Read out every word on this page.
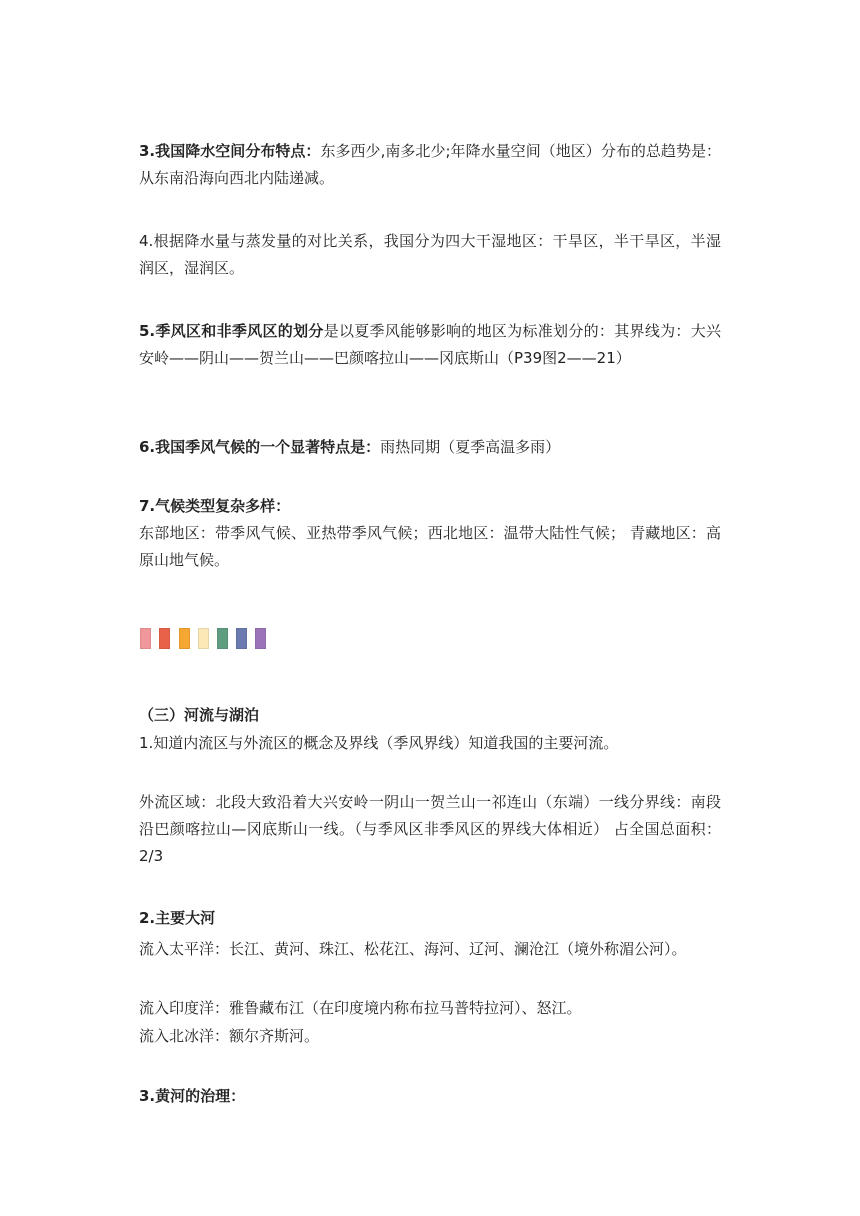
3.我国降水空间分布特点：东多西少,南多北少;年降水量空间（地区）分布的总趋势是：从东南沿海向西北内陆递减。
4.根据降水量与蒸发量的对比关系，我国分为四大干湿地区：干旱区，半干旱区，半湿润区，湿润区。
5.季风区和非季风区的划分是以夏季风能够影响的地区为标准划分的：其界线为：大兴安岭——阴山——贺兰山——巴颜喀拉山——冈底斯山（P39图2——21）
6.我国季风气候的一个显著特点是：雨热同期（夏季高温多雨）
7.气候类型复杂多样：
东部地区：带季风气候、亚热带季风气候；西北地区：温带大陆性气候； 青藏地区：高原山地气候。
（三）河流与湖泊
1.知道内流区与外流区的概念及界线（季风界线）知道我国的主要河流。
外流区域：北段大致沿着大兴安岭一阴山一贺兰山一祁连山（东端）一线分界线：南段沿巴颜喀拉山—冈底斯山一线。（与季风区非季风区的界线大体相近） 占全国总面积：2/3
2.主要大河
流入太平洋：长江、黄河、珠江、松花江、海河、辽河、澜沧江（境外称湄公河）。
流入印度洋：雅鲁藏布江（在印度境内称布拉马普特拉河）、怒江。
流入北冰洋：额尔齐斯河。
3.黄河的治理：
